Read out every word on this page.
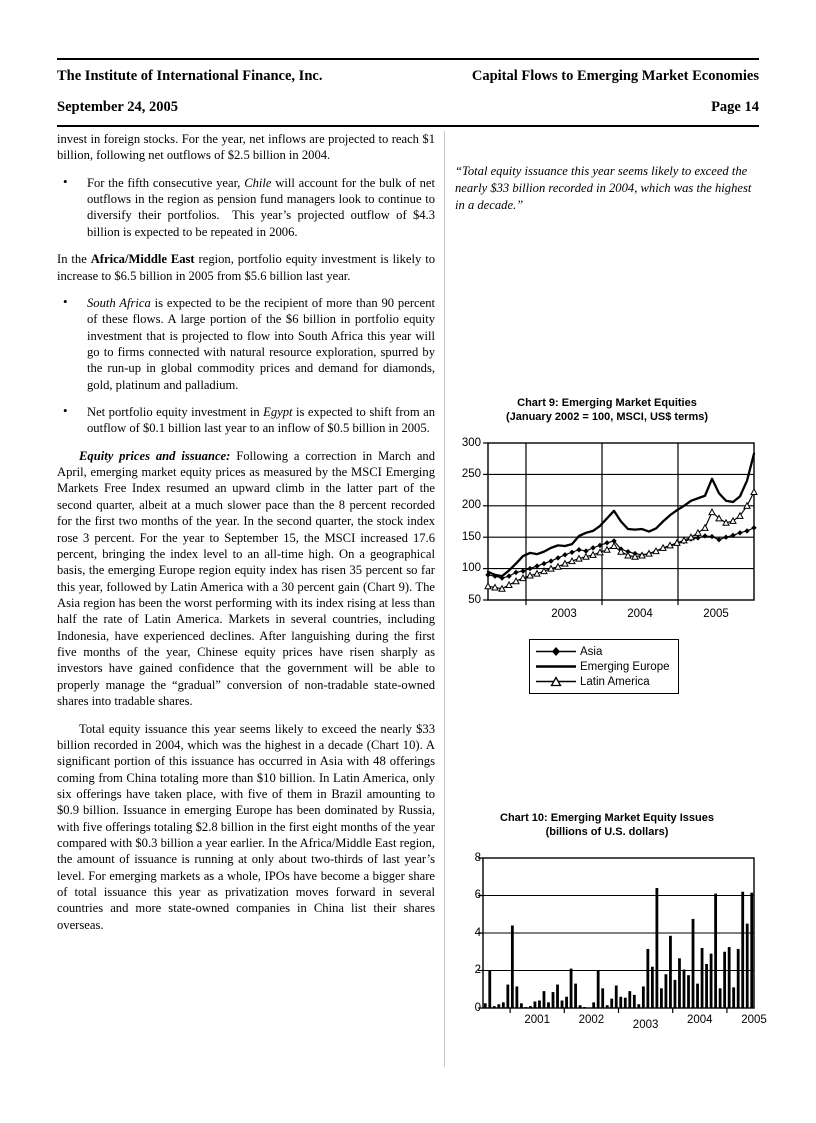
The Institute of International Finance, Inc.	Capital Flows to Emerging Market Economies
September 24, 2005	Page 14

invest in foreign stocks. For the year, net inflows are projected to reach $1 billion, following net outflows of $2.5 billion in 2004.

• For the fifth consecutive year, Chile will account for the bulk of net outflows in the region as pension fund managers look to continue to diversify their portfolios.  This year’s projected outflow of $4.3 billion is expected to be repeated in 2006.

In the Africa/Middle East region, portfolio equity investment is likely to increase to $6.5 billion in 2005 from $5.6 billion last year.

• South Africa is expected to be the recipient of more than 90 percent of these flows. A large portion of the $6 billion in portfolio equity investment that is projected to flow into South Africa this year will go to firms connected with natural resource exploration, spurred by the run-up in global commodity prices and demand for diamonds, gold, platinum and palladium.
• Net portfolio equity investment in Egypt is expected to shift from an outflow of $0.1 billion last year to an inflow of $0.5 billion in 2005.

Equity prices and issuance: Following a correction in March and April, emerging market equity prices as measured by the MSCI Emerging Markets Free Index resumed an upward climb in the latter part of the second quarter, albeit at a much slower pace than the 8 percent recorded for the first two months of the year. In the second quarter, the stock index rose 3 percent. For the year to September 15, the MSCI increased 17.6 percent, bringing the index level to an all-time high. On a geographical basis, the emerging Europe region equity index has risen 35 percent so far this year, followed by Latin America with a 30 percent gain (Chart 9). The Asia region has been the worst performing with its index rising at less than half the rate of Latin America. Markets in several countries, including Indonesia, have experienced declines. After languishing during the first five months of the year, Chinese equity prices have risen sharply as investors have gained confidence that the government will be able to properly manage the “gradual” conversion of non-tradable state-owned shares into tradable shares.

Total equity issuance this year seems likely to exceed the nearly $33 billion recorded in 2004, which was the highest in a decade (Chart 10). A significant portion of this issuance has occurred in Asia with 48 offerings coming from China totaling more than $10 billion. In Latin America, only six offerings have taken place, with five of them in Brazil amounting to $0.9 billion. Issuance in emerging Europe has been dominated by Russia, with five offerings totaling $2.8 billion in the first eight months of the year compared with $0.3 billion a year earlier. In the Africa/Middle East region, the amount of issuance is running at only about two-thirds of last year’s level. For emerging markets as a whole, IPOs have become a bigger share of total issuance this year as privatization moves forward in several countries and more state-owned companies in China list their shares overseas.

“Total equity issuance this year seems likely to exceed the nearly $33 billion recorded in 2004, which was the highest in a decade.”
Chart 9: Emerging Market Equities
(January 2002 = 100, MSCI, US$ terms)
50
100
150
200
250
300
2003	2004	2005
Asia
Emerging Europe
Latin America
Chart 10: Emerging Market Equity Issues
(billions of U.S. dollars)
0
2
4
6
8
2001 2002 2003 2004 2005
